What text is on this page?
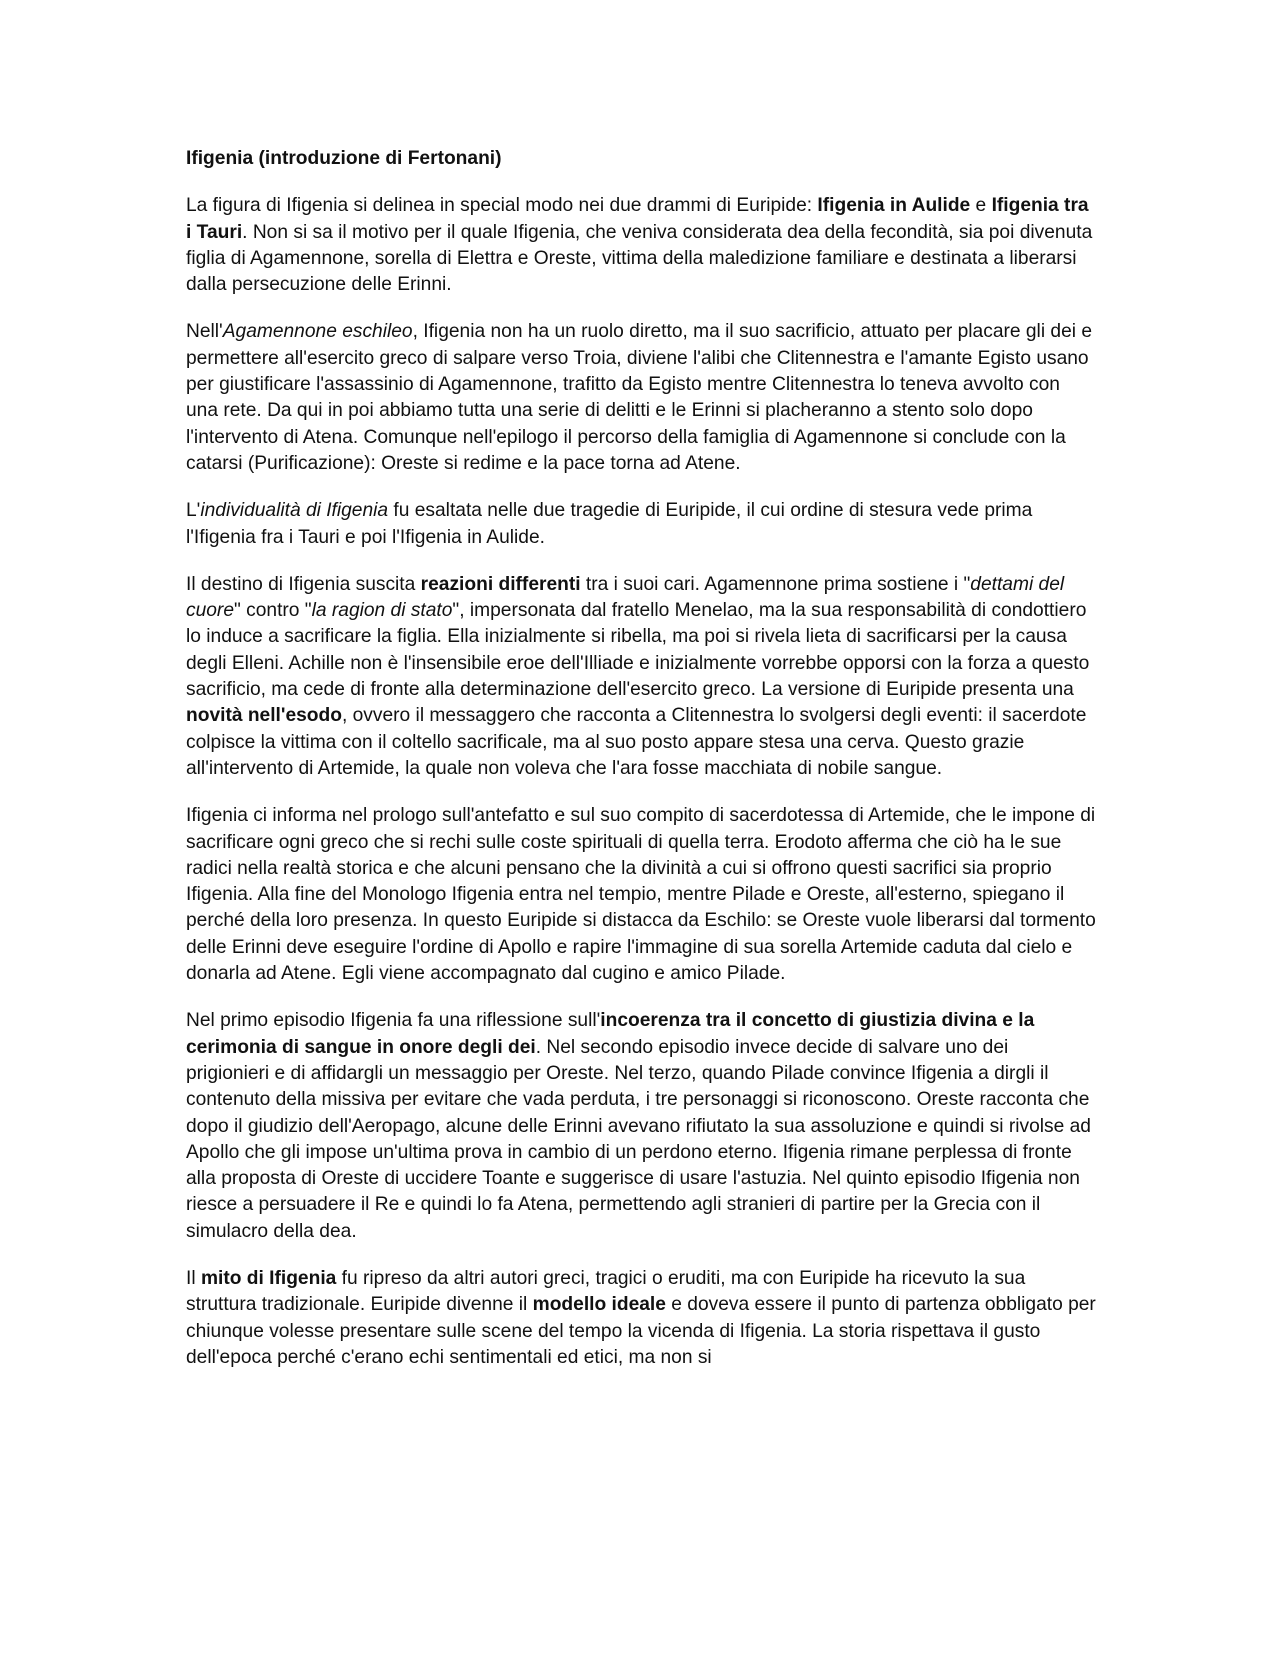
Ifigenia (introduzione di Fertonani)

La figura di Ifigenia si delinea in special modo nei due drammi di Euripide: Ifigenia in Aulide e Ifigenia tra i Tauri. Non si sa il motivo per il quale Ifigenia, che veniva considerata dea della fecondità, sia poi divenuta figlia di Agamennone, sorella di Elettra e Oreste, vittima della maledizione familiare e destinata a liberarsi dalla persecuzione delle Erinni.

Nell'Agamennone eschileo, Ifigenia non ha un ruolo diretto, ma il suo sacrificio, attuato per placare gli dei e permettere all'esercito greco di salpare verso Troia, diviene l'alibi che Clitennestra e l'amante Egisto usano per giustificare l'assassinio di Agamennone, trafitto da Egisto mentre Clitennestra lo teneva avvolto con una rete. Da qui in poi abbiamo tutta una serie di delitti e le Erinni si placheranno a stento solo dopo l'intervento di Atena. Comunque nell'epilogo il percorso della famiglia di Agamennone si conclude con la catarsi (Purificazione): Oreste si redime e la pace torna ad Atene.

L'individualità di Ifigenia fu esaltata nelle due tragedie di Euripide, il cui ordine di stesura vede prima l'Ifigenia fra i Tauri e poi l'Ifigenia in Aulide.

Il destino di Ifigenia suscita reazioni differenti tra i suoi cari. Agamennone prima sostiene i "dettami del cuore" contro "la ragion di stato", impersonata dal fratello Menelao, ma la sua responsabilità di condottiero lo induce a sacrificare la figlia. Ella inizialmente si ribella, ma poi si rivela lieta di sacrificarsi per la causa degli Elleni. Achille non è l'insensibile eroe dell'Illiade e inizialmente vorrebbe opporsi con la forza a questo sacrificio, ma cede di fronte alla determinazione dell'esercito greco. La versione di Euripide presenta una novità nell'esodo, ovvero il messaggero che racconta a Clitennestra lo svolgersi degli eventi: il sacerdote colpisce la vittima con il coltello sacrificale, ma al suo posto appare stesa una cerva. Questo grazie all'intervento di Artemide, la quale non voleva che l'ara fosse macchiata di nobile sangue.

Ifigenia ci informa nel prologo sull'antefatto e sul suo compito di sacerdotessa di Artemide, che le impone di sacrificare ogni greco che si rechi sulle coste spirituali di quella terra. Erodoto afferma che ciò ha le sue radici nella realtà storica e che alcuni pensano che la divinità a cui si offrono questi sacrifici sia proprio Ifigenia. Alla fine del Monologo Ifigenia entra nel tempio, mentre Pilade e Oreste, all'esterno, spiegano il perché della loro presenza. In questo Euripide si distacca da Eschilo: se Oreste vuole liberarsi dal tormento delle Erinni deve eseguire l'ordine di Apollo e rapire l'immagine di sua sorella Artemide caduta dal cielo e donarla ad Atene. Egli viene accompagnato dal cugino e amico Pilade.

Nel primo episodio Ifigenia fa una riflessione sull'incoerenza tra il concetto di giustizia divina e la cerimonia di sangue in onore degli dei. Nel secondo episodio invece decide di salvare uno dei prigionieri e di affidargli un messaggio per Oreste. Nel terzo, quando Pilade convince Ifigenia a dirgli il contenuto della missiva per evitare che vada perduta, i tre personaggi si riconoscono. Oreste racconta che dopo il giudizio dell'Aeropago, alcune delle Erinni avevano rifiutato la sua assoluzione e quindi si rivolse ad Apollo che gli impose un'ultima prova in cambio di un perdono eterno. Ifigenia rimane perplessa di fronte alla proposta di Oreste di uccidere Toante e suggerisce di usare l'astuzia. Nel quinto episodio Ifigenia non riesce a persuadere il Re e quindi lo fa Atena, permettendo agli stranieri di partire per la Grecia con il simulacro della dea.

Il mito di Ifigenia fu ripreso da altri autori greci, tragici o eruditi, ma con Euripide ha ricevuto la sua struttura tradizionale. Euripide divenne il modello ideale e doveva essere il punto di partenza obbligato per chiunque volesse presentare sulle scene del tempo la vicenda di Ifigenia. La storia rispettava il gusto dell'epoca perché c'erano echi sentimentali ed etici, ma non si
